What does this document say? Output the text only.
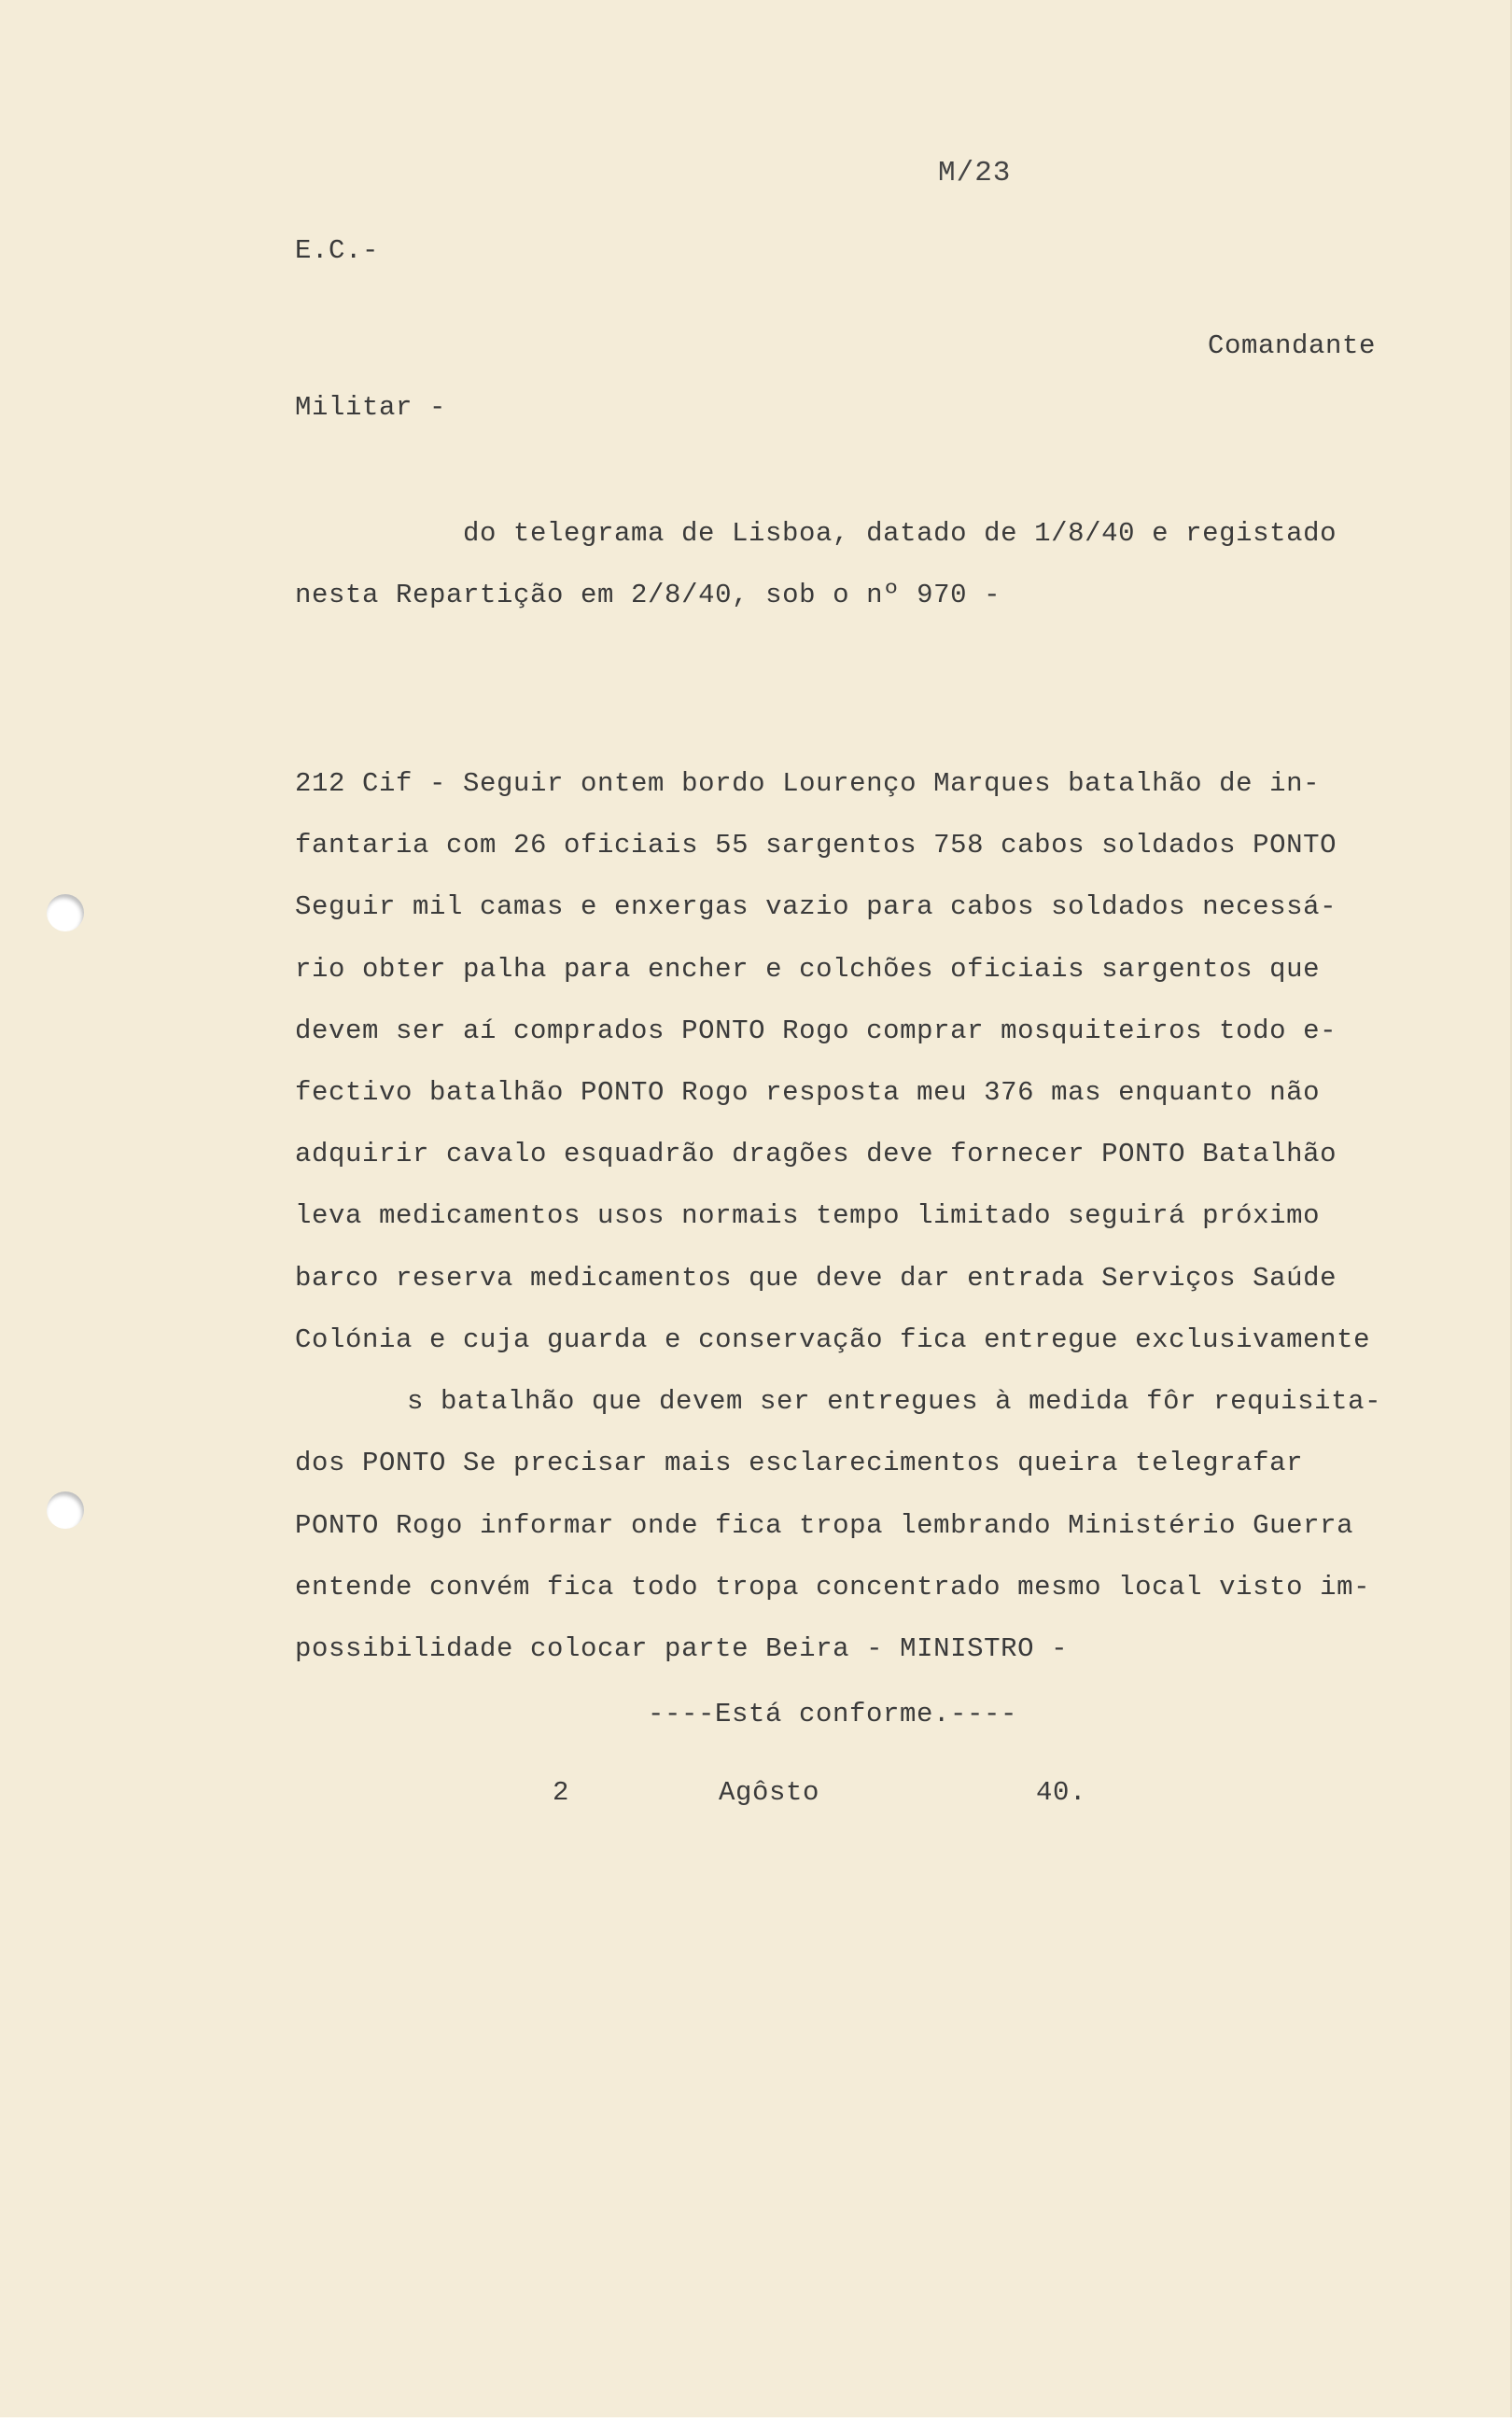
M/23
E.C.-
Comandante
Militar -
do telegrama de Lisboa, datado de 1/8/40 e registado
nesta Repartição em 2/8/40, sob o nº 970 -
212 Cif - Seguir ontem bordo Lourenço Marques batalhão de in-
fantaria com 26 oficiais 55 sargentos 758 cabos soldados PONTO
Seguir mil camas e enxergas vazio para cabos soldados necessá-
rio obter palha para encher e colchões oficiais sargentos que
devem ser aí comprados PONTO Rogo comprar mosquiteiros todo e-
fectivo batalhão PONTO Rogo resposta meu 376 mas enquanto não
adquirir cavalo esquadrão dragões deve fornecer PONTO Batalhão
leva medicamentos usos normais tempo limitado seguirá próximo
barco reserva medicamentos que deve dar entrada Serviços Saúde
Colónia e cuja guarda e conservação fica entregue exclusivamente
s batalhão que devem ser entregues à medida fôr requisita-
dos PONTO Se precisar mais esclarecimentos queira telegrafar
PONTO Rogo informar onde fica tropa lembrando Ministério Guerra
entende convém fica todo tropa concentrado mesmo local visto im-
possibilidade colocar parte Beira - MINISTRO -
----Está conforme.----
2	Agôsto	40.
